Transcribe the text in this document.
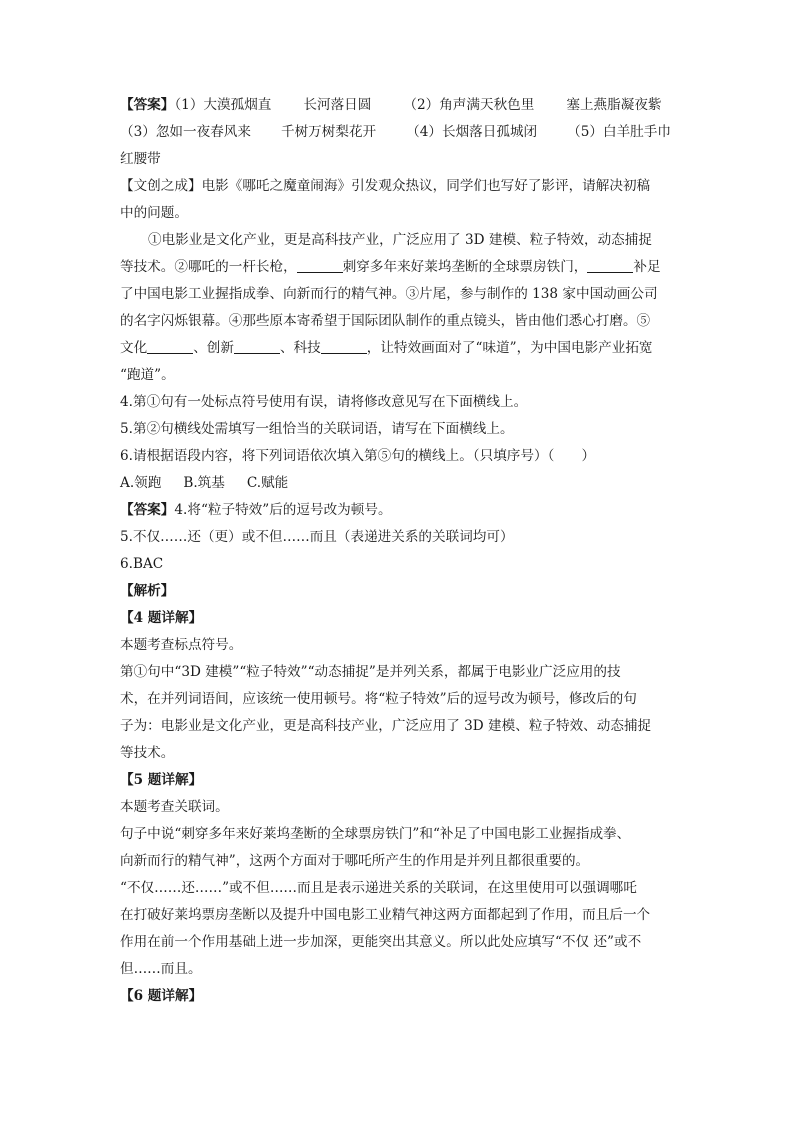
【答案】（1）大漠孤烟直 长河落日圆 （2）角声满天秋色里 塞上燕脂凝夜紫
（3）忽如一夜春风来 千树万树梨花开 （4）长烟落日孤城闭 （5）白羊肚手巾
红腰带
【文创之成】电影《哪吒之魔童闹海》引发观众热议，同学们也写好了影评，请解决初稿
中的问题。
①电影业是文化产业，更是高科技产业，广泛应用了 3D 建模、粒子特效，动态捕捉
等技术。②哪吒的一杆长枪，	刺穿多年来好莱坞垄断的全球票房铁门，	补足
了中国电影工业握指成拳、向新而行的精气神。③片尾，参与制作的 138 家中国动画公司
的名字闪烁银幕。④那些原本寄希望于国际团队制作的重点镜头，皆由他们悉心打磨。⑤
文化	、创新	、科技	，让特效画面对了“味道”，为中国电影产业拓宽
“跑道”。
4.第①句有一处标点符号使用有误，请将修改意见写在下面横线上。
5.第②句横线处需填写一组恰当的关联词语，请写在下面横线上。
6.请根据语段内容，将下列词语依次填入第⑤句的横线上。（只填序号）（　　）
A.领跑 B.筑基 C.赋能
【答案】4.将“粒子特效”后的逗号改为顿号。
5.不仅……还（更）或不但……而且（表递进关系的关联词均可）
6.BAC
【解析】
【4 题详解】
本题考查标点符号。
第①句中“3D 建模”“粒子特效”“动态捕捉”是并列关系，都属于电影业广泛应用的技
术，在并列词语间，应该统一使用顿号。将“粒子特效”后的逗号改为顿号，修改后的句
子为：电影业是文化产业，更是高科技产业，广泛应用了 3D 建模、粒子特效、动态捕捉
等技术。
【5 题详解】
本题考查关联词。
句子中说“刺穿多年来好莱坞垄断的全球票房铁门”和“补足了中国电影工业握指成拳、
向新而行的精气神”，这两个方面对于哪吒所产生的作用是并列且都很重要的。
“不仅……还……”或不但……而且是表示递进关系的关联词，在这里使用可以强调哪吒
在打破好莱坞票房垄断以及提升中国电影工业精气神这两方面都起到了作用，而且后一个
作用在前一个作用基础上进一步加深，更能突出其意义。所以此处应填写“不仅 还”或不
但……而且。
【6 题详解】
